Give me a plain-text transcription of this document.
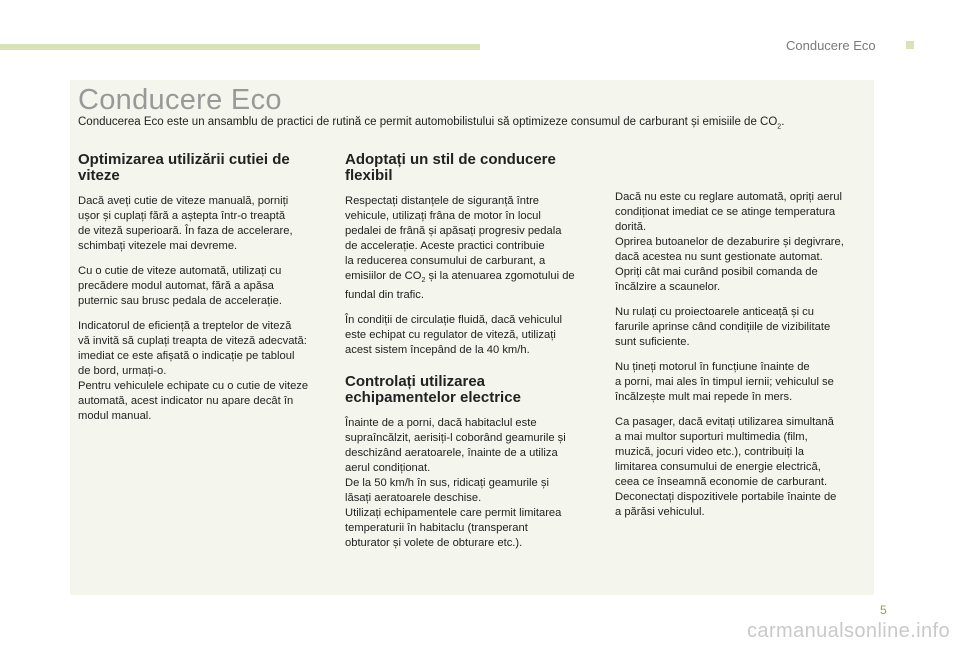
Conducere Eco
Conducere Eco
Conducerea Eco este un ansamblu de practici de rutină ce permit automobilistului să optimizeze consumul de carburant și emisiile de $CO_2$.
Optimizarea utilizării cutiei de viteze

Dacă aveți cutie de viteze manuală, porniți
ușor și cuplați fără a aștepta într-o treaptă
de viteză superioară. În faza de accelerare,
schimbați vitezele mai devreme.

Cu o cutie de viteze automată, utilizați cu
precădere modul automat, fără a apăsa
puternic sau brusc pedala de accelerație.

Indicatorul de eficiență a treptelor de viteză
vă invită să cuplați treapta de viteză adecvată:
imediat ce este afișată o indicație pe tabloul
de bord, urmați-o.
Pentru vehiculele echipate cu o cutie de viteze
automată, acest indicator nu apare decât în
modul manual.

Adoptați un stil de conducere flexibil

Respectați distanțele de siguranță între
vehicule, utilizați frâna de motor în locul
pedalei de frână și apăsați progresiv pedala
de accelerație. Aceste practici contribuie
la reducerea consumului de carburant, a
emisiilor de $CO_2$ și la atenuarea zgomotului de
fundal din trafic.

În condiții de circulație fluidă, dacă vehiculul
este echipat cu regulator de viteză, utilizați
acest sistem începând de la 40 km/h.

Controlați utilizarea echipamentelor electrice

Înainte de a porni, dacă habitaclul este
supraîncălzit, aerisiți-l coborând geamurile și
deschizând aeratoarele, înainte de a utiliza
aerul condiționat.
De la 50 km/h în sus, ridicați geamurile și
lăsați aeratoarele deschise.
Utilizați echipamentele care permit limitarea
temperaturii în habitaclu (transperant
obturator și volete de obturare etc.).

Dacă nu este cu reglare automată, opriți aerul
condiționat imediat ce se atinge temperatura
dorită.
Oprirea butoanelor de dezaburire și degivrare,
dacă acestea nu sunt gestionate automat.
Opriți cât mai curând posibil comanda de
încălzire a scaunelor.

Nu rulați cu proiectoarele anticeață și cu
farurile aprinse când condițiile de vizibilitate
sunt suficiente.

Nu țineți motorul în funcțiune înainte de
a porni, mai ales în timpul iernii; vehiculul se
încălzește mult mai repede în mers.

Ca pasager, dacă evitați utilizarea simultană
a mai multor suporturi multimedia (film,
muzică, jocuri video etc.), contribuiți la
limitarea consumului de energie electrică,
ceea ce înseamnă economie de carburant.
Deconectați dispozitivele portabile înainte de
a părăsi vehiculul.

5
carmanualsonline.info
